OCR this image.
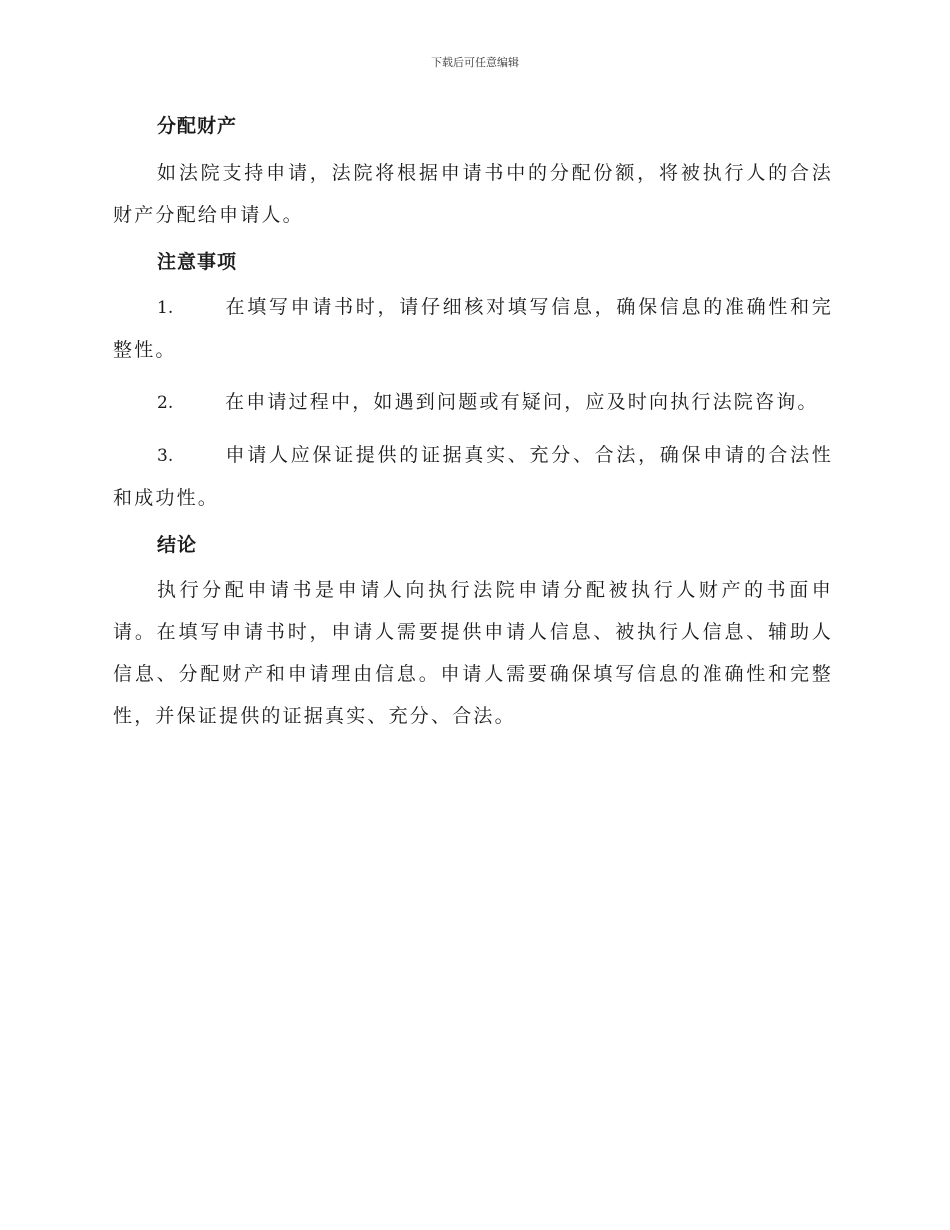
下载后可任意编辑
分配财产

如法院支持申请，法院将根据申请书中的分配份额，将被执行人的合法财产分配给申请人。

注意事项

1.	在填写申请书时，请仔细核对填写信息，确保信息的准确性和完整性。

2.	在申请过程中，如遇到问题或有疑问，应及时向执行法院咨询。

3.	申请人应保证提供的证据真实、充分、合法，确保申请的合法性和成功性。

结论

执行分配申请书是申请人向执行法院申请分配被执行人财产的书面申请。在填写申请书时，申请人需要提供申请人信息、被执行人信息、辅助人信息、分配财产和申请理由信息。申请人需要确保填写信息的准确性和完整性，并保证提供的证据真实、充分、合法。
